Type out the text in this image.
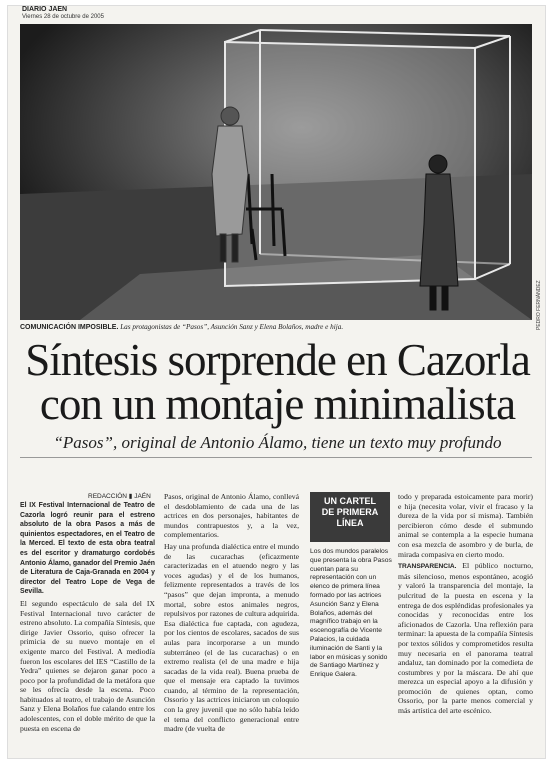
DIARIO JAEN
Viernes 28 de octubre de 2005
PEDRO FERNÁNDEZ
COMUNICACIÓN IMPOSIBLE. Las protagonistas de “Pasos”, Asunción Sanz y Elena Bolaños, madre e hija.
Síntesis sorprende en Cazorla
con un montaje minimalista
“Pasos”, original de Antonio Álamo, tiene un texto muy profundo
REDACCIÓN ▮ JAÉN

El IX Festival Internacional de Teatro de Cazorla logró reunir para el estreno absoluto de la obra Pasos a más de quinientos espectadores, en el Teatro de la Merced. El texto de esta obra teatral es del escritor y dramaturgo cordobés Antonio Álamo, ganador del Premio Jaén de Literatura de Caja-Granada en 2004 y director del Teatro Lope de Vega de Sevilla.

El segundo espectáculo de sala del IX Festival Internacional tuvo carácter de estreno absoluto. La compañía Síntesis, que dirige Javier Ossorio, quiso ofrecer la primicia de su nuevo montaje en el exigente marco del Festival. A mediodía fueron los escolares del IES “Castillo de la Yedra” quienes se dejaron ganar poco a poco por la profundidad de la metáfora que se les ofrecía desde la escena. Poco habituados al teatro, el trabajo de Asunción Sanz y Elena Bolaños fue calando entre los adolescentes, con el doble mérito de que la puesta en escena de

Pasos, original de Antonio Álamo, conllevá el desdoblamiento de cada una de las actrices en dos personajes, habitantes de mundos contrapuestos y, a la vez, complementarios.

Hay una profunda dialéctica entre el mundo de las cucarachas (eficazmente caracterizadas en el atuendo negro y las voces agudas) y el de los humanos, felizmente representados a través de los “pasos” que dejan impronta, a menudo mortal, sobre estos animales negros, repulsivos por razones de cultura adquirida. Esa dialéctica fue captada, con agudeza, por los cientos de escolares, sacados de sus aulas para incorporarse a un mundo subterráneo (el de las cucarachas) o en extremo realista (el de una madre e hija sacadas de la vida real). Buena prueba de que el mensaje era captado la tuvimos cuando, al término de la representación, Ossorio y las actrices iniciaron un coloquio con la grey juvenil que no sólo había leído el tema del conflicto generacional entre madre (de vuelta de

UN CARTEL
DE PRIMERA
LÍNEA
Los dos mundos paralelos que presenta la obra Pasos cuentan para su representación con un elenco de primera línea formado por las actrices Asunción Sanz y Elena Bolaños, además del magnífico trabajo en la escenografía de Vicente Palacios, la cuidada iluminación de Santi y la labor en músicas y sonido de Santiago Martínez y Enrique Galera.

todo y preparada estoicamente para morir) e hija (necesita volar, vivir el fracaso y la dureza de la vida por sí misma). También percibieron cómo desde el submundo animal se contempla a la especie humana con esa mezcla de asombro y de burla, de mirada compasiva en cierto modo.

TRANSPARENCIA. El público nocturno, más silencioso, menos espontáneo, acogió y valoró la transparencia del montaje, la pulcritud de la puesta en escena y la entrega de dos espléndidas profesionales ya conocidas y reconocidas entre los aficionados de Cazorla. Una reflexión para terminar: la apuesta de la compañía Síntesis por textos sólidos y comprometidos resulta muy necesaria en el panorama teatral andaluz, tan dominado por la comedieta de costumbres y por la máscara. De ahí que merezca un especial apoyo a la difusión y promoción de quienes optan, como Ossorio, por la parte menos comercial y más artística del arte escénico.
